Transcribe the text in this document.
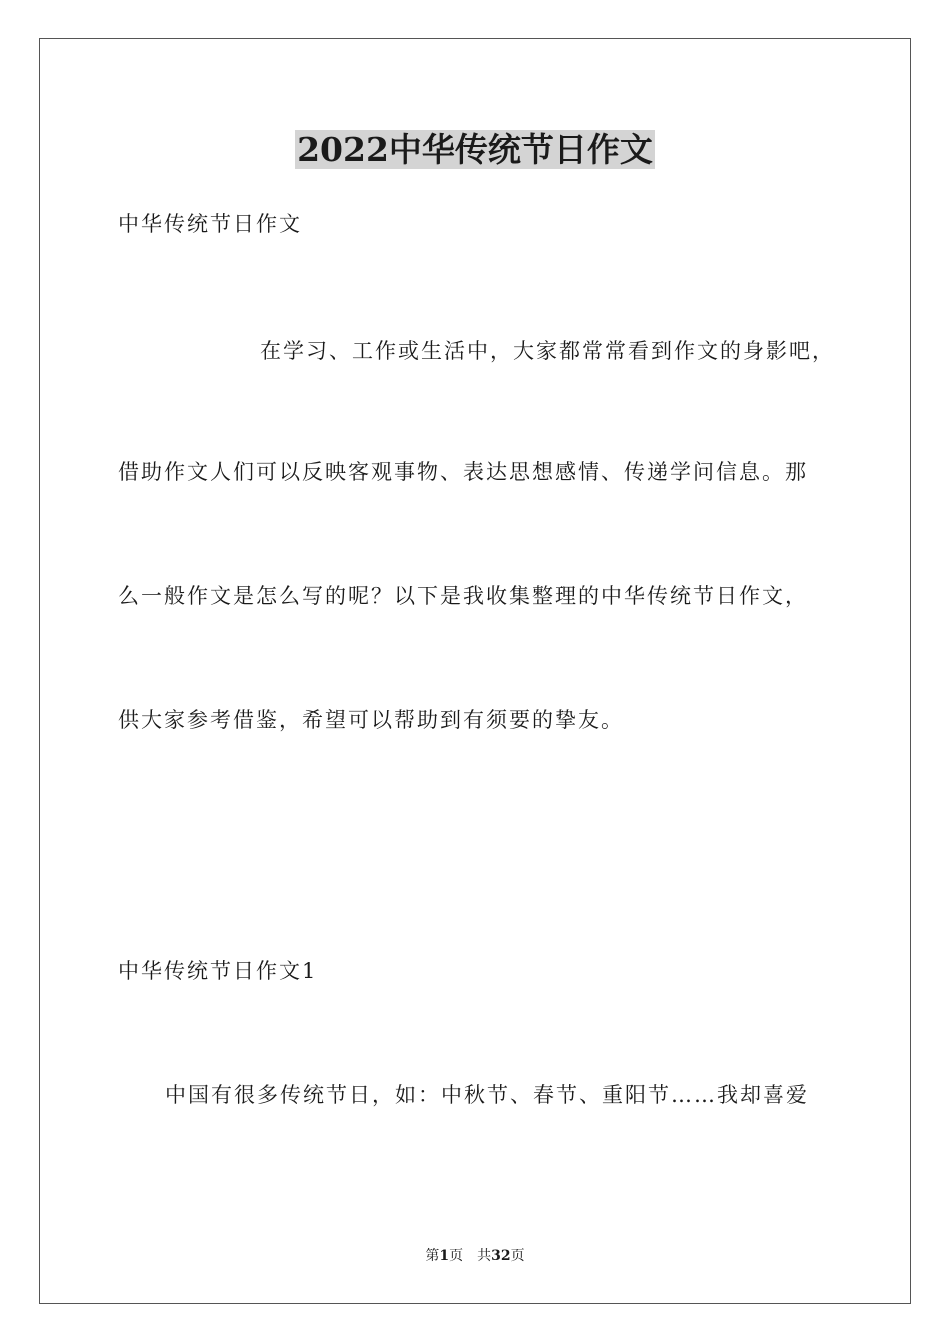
2022中华传统节日作文
中华传统节日作文
在学习、工作或生活中，大家都常常看到作文的身影吧，
借助作文人们可以反映客观事物、表达思想感情、传递学问信息。那
么一般作文是怎么写的呢？以下是我收集整理的中华传统节日作文，
供大家参考借鉴，希望可以帮助到有须要的挚友。
中华传统节日作文1
中国有很多传统节日，如：中秋节、春节、重阳节……我却喜爱
第1页 共32页
